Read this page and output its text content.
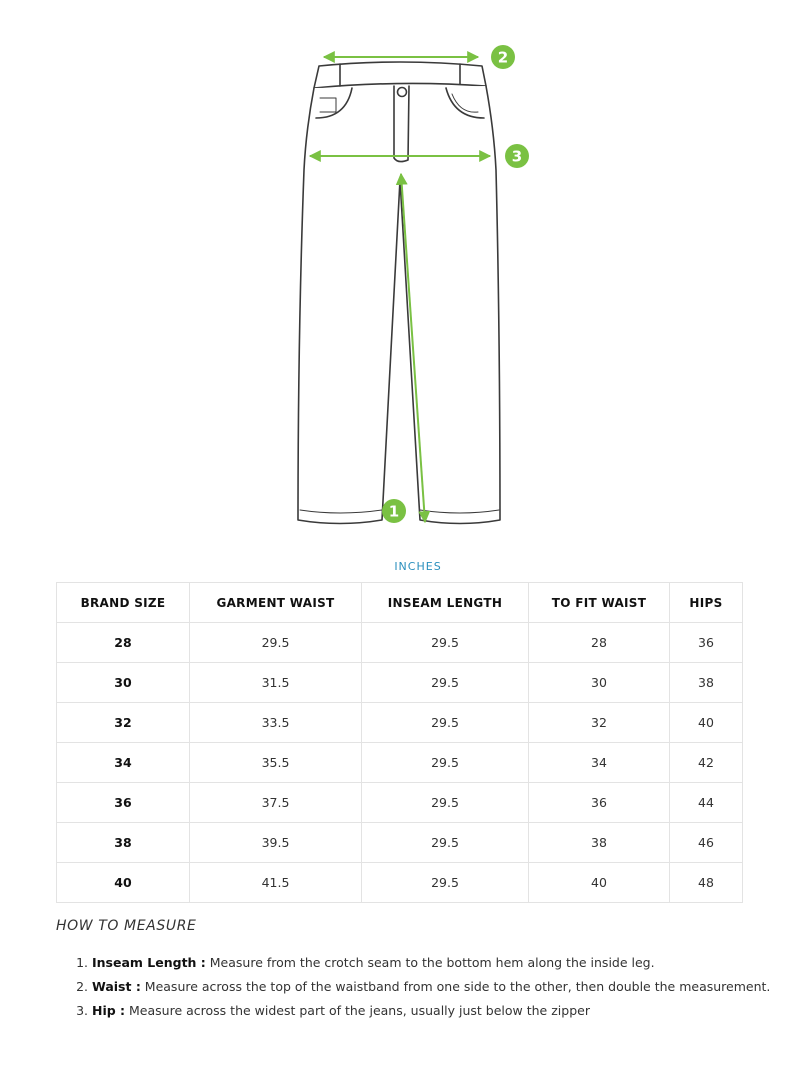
1
2
3
INCHES
BRAND SIZE	GARMENT WAIST	INSEAM LENGTH	TO FIT WAIST	HIPS
28	29.5	29.5	28	36
30	31.5	29.5	30	38
32	33.5	29.5	32	40
34	35.5	29.5	34	42
36	37.5	29.5	36	44
38	39.5	29.5	38	46
40	41.5	29.5	40	48
HOW TO MEASURE
1. Inseam Length : Measure from the crotch seam to the bottom hem along the inside leg.
2. Waist : Measure across the top of the waistband from one side to the other, then double the measurement.
3. Hip : Measure across the widest part of the jeans, usually just below the zipper
